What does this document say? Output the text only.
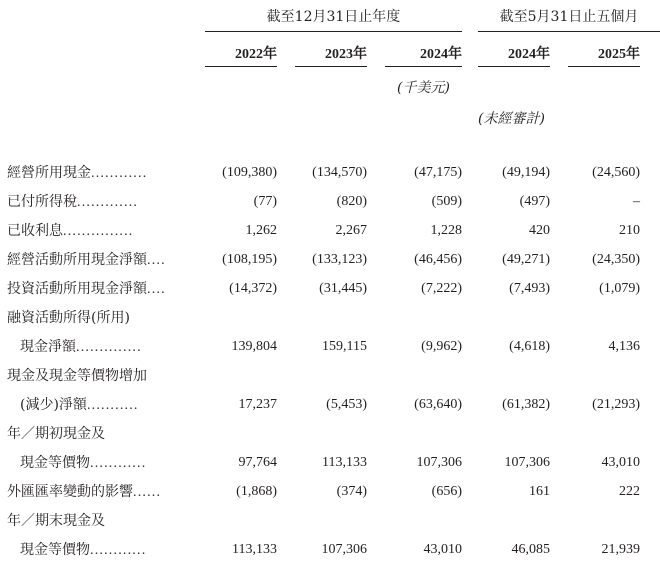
截至12月31日止年度	截至5月31日止五個月
2022年	2023年	2024年	2024年	2025年
(千美元)
(未經審計)
經營所用現金............	(109,380)	(134,570)	(47,175)	(49,194)	(24,560)
已付所得稅.............	(77)	(820)	(509)	(497)	–
已收利息...............	1,262	2,267	1,228	420	210
經營活動所用現金淨額....	(108,195)	(133,123)	(46,456)	(49,271)	(24,350)
投資活動所用現金淨額....	(14,372)	(31,445)	(7,222)	(7,493)	(1,079)
融資活動所得(所用)
現金淨額..............	139,804	159,115	(9,962)	(4,618)	4,136
現金及現金等價物增加
(減少)淨額...........	17,237	(5,453)	(63,640)	(61,382)	(21,293)
年／期初現金及
現金等價物............	97,764	113,133	107,306	107,306	43,010
外匯匯率變動的影響......	(1,868)	(374)	(656)	161	222
年／期末現金及
現金等價物............	113,133	107,306	43,010	46,085	21,939
